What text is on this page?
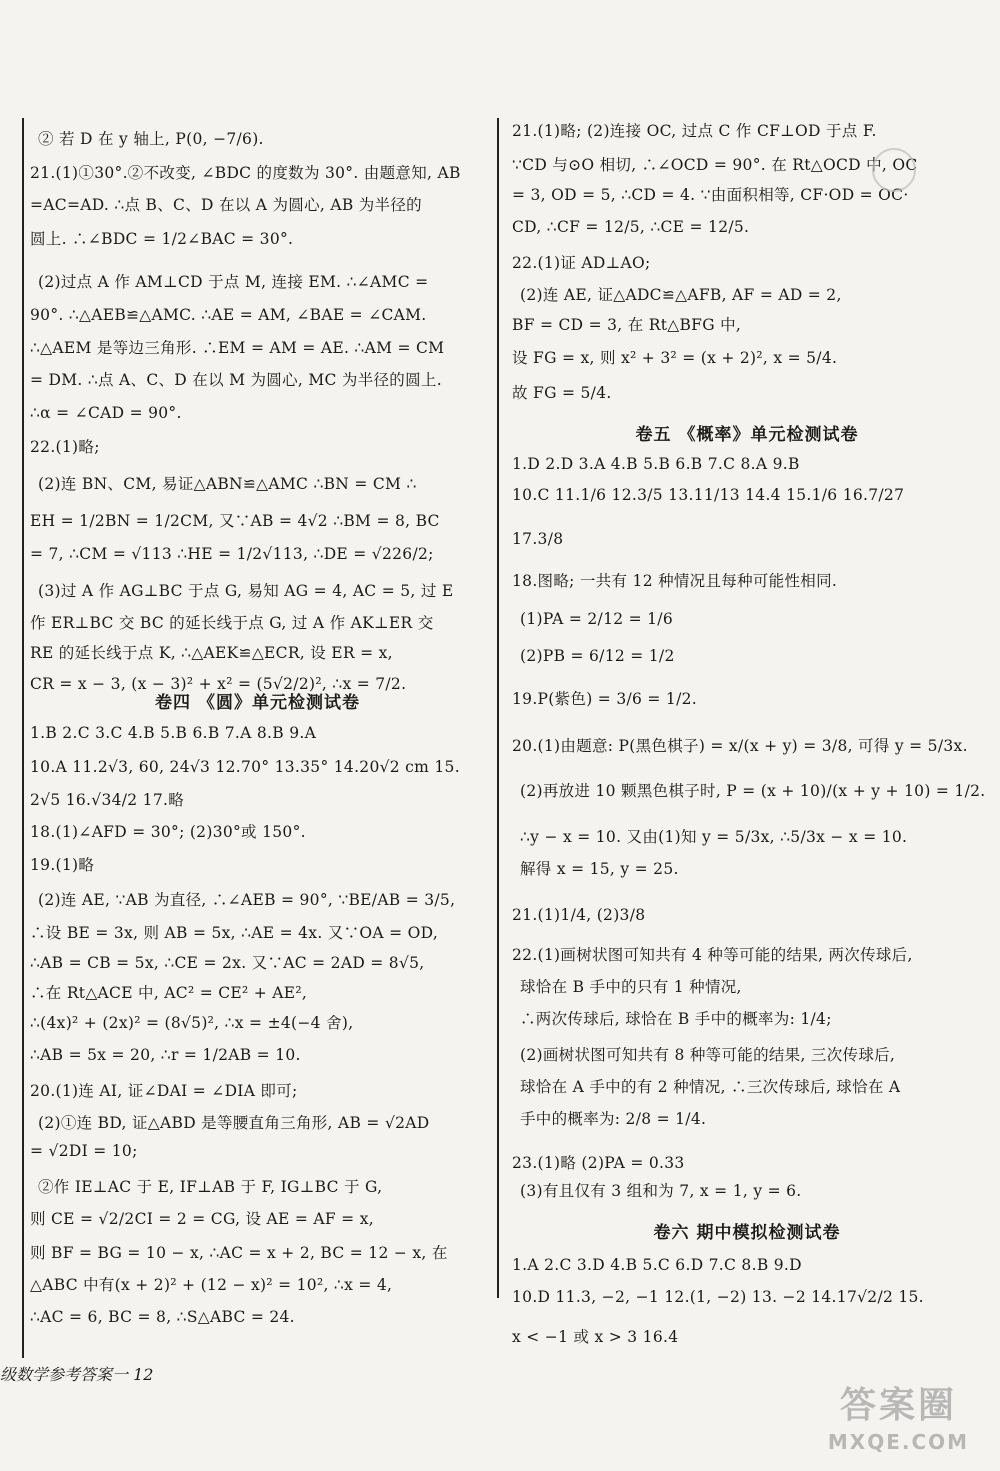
② 若 D 在 y 轴上, P(0, −7/6).
21.(1)①30°.②不改变, ∠BDC 的度数为 30°. 由题意知, AB
=AC=AD. ∴点 B、C、D 在以 A 为圆心, AB 为半径的
圆上. ∴∠BDC = 1/2∠BAC = 30°.
(2)过点 A 作 AM⊥CD 于点 M, 连接 EM. ∴∠AMC =
90°. ∴△AEB≌△AMC. ∴AE = AM, ∠BAE = ∠CAM.
∴△AEM 是等边三角形. ∴EM = AM = AE. ∴AM = CM
= DM. ∴点 A、C、D 在以 M 为圆心, MC 为半径的圆上.
∴α = ∠CAD = 90°.
22.(1)略;
(2)连 BN、CM, 易证△ABN≌△AMC ∴BN = CM ∴
EH = 1/2BN = 1/2CM, 又∵AB = 4√2 ∴BM = 8, BC
= 7, ∴CM = √113 ∴HE = 1/2√113, ∴DE = √226/2;
(3)过 A 作 AG⊥BC 于点 G, 易知 AG = 4, AC = 5, 过 E
作 ER⊥BC 交 BC 的延长线于点 G, 过 A 作 AK⊥ER 交
RE 的延长线于点 K, ∴△AEK≌△ECR, 设 ER = x,
CR = x − 3, (x − 3)² + x² = (5√2/2)², ∴x = 7/2.
1.B 2.C 3.C 4.B 5.B 6.B 7.A 8.B 9.A
10.A 11.2√3, 60, 24√3 12.70° 13.35° 14.20√2 cm 15.
2√5 16.√34/2 17.略
18.(1)∠AFD = 30°; (2)30°或 150°.
19.(1)略
(2)连 AE, ∵AB 为直径, ∴∠AEB = 90°, ∵BE/AB = 3/5,
∴设 BE = 3x, 则 AB = 5x, ∴AE = 4x. 又∵OA = OD,
∴AB = CB = 5x, ∴CE = 2x. 又∵AC = 2AD = 8√5,
∴在 Rt△ACE 中, AC² = CE² + AE²,
∴(4x)² + (2x)² = (8√5)², ∴x = ±4(−4 舍),
∴AB = 5x = 20, ∴r = 1/2AB = 10.
20.(1)连 AI, 证∠DAI = ∠DIA 即可;
(2)①连 BD, 证△ABD 是等腰直角三角形, AB = √2AD
= √2DI = 10;
②作 IE⊥AC 于 E, IF⊥AB 于 F, IG⊥BC 于 G,
则 CE = √2/2CI = 2 = CG, 设 AE = AF = x,
则 BF = BG = 10 − x, ∴AC = x + 2, BC = 12 − x, 在
△ABC 中有(x + 2)² + (12 − x)² = 10², ∴x = 4,
∴AC = 6, BC = 8, ∴S△ABC = 24.
卷四 《圆》单元检测试卷
21.(1)略; (2)连接 OC, 过点 C 作 CF⊥OD 于点 F.
∵CD 与⊙O 相切, ∴∠OCD = 90°. 在 Rt△OCD 中, OC
= 3, OD = 5, ∴CD = 4. ∵由面积相等, CF·OD = OC·
CD, ∴CF = 12/5, ∴CE = 12/5.
22.(1)证 AD⊥AO;
(2)连 AE, 证△ADC≌△AFB, AF = AD = 2,
BF = CD = 3, 在 Rt△BFG 中,
设 FG = x, 则 x² + 3² = (x + 2)², x = 5/4.
故 FG = 5/4.
1.D 2.D 3.A 4.B 5.B 6.B 7.C 8.A 9.B
10.C 11.1/6 12.3/5 13.11/13 14.4 15.1/6 16.7/27
17.3/8
18.图略; 一共有 12 种情况且每种可能性相同.
(1)PA = 2/12 = 1/6
(2)PB = 6/12 = 1/2
19.P(紫色) = 3/6 = 1/2.
20.(1)由题意: P(黑色棋子) = x/(x + y) = 3/8, 可得 y = 5/3x.
(2)再放进 10 颗黑色棋子时, P = (x + 10)/(x + y + 10) = 1/2.
∴y − x = 10. 又由(1)知 y = 5/3x, ∴5/3x − x = 10.
解得 x = 15, y = 25.
21.(1)1/4, (2)3/8
22.(1)画树状图可知共有 4 种等可能的结果, 两次传球后,
球恰在 B 手中的只有 1 种情况,
∴两次传球后, 球恰在 B 手中的概率为: 1/4;
(2)画树状图可知共有 8 种等可能的结果, 三次传球后,
球恰在 A 手中的有 2 种情况, ∴三次传球后, 球恰在 A
手中的概率为: 2/8 = 1/4.
23.(1)略 (2)PA = 0.33
(3)有且仅有 3 组和为 7, x = 1, y = 6.
1.A 2.C 3.D 4.B 5.C 6.D 7.C 8.B 9.D
10.D 11.3, −2, −1 12.(1, −2) 13. −2 14.17√2/2 15.
x < −1 或 x > 3 16.4
卷五 《概率》单元检测试卷
卷六 期中模拟检测试卷
级数学参考答案一 12
答案圈
MXQE.COM
